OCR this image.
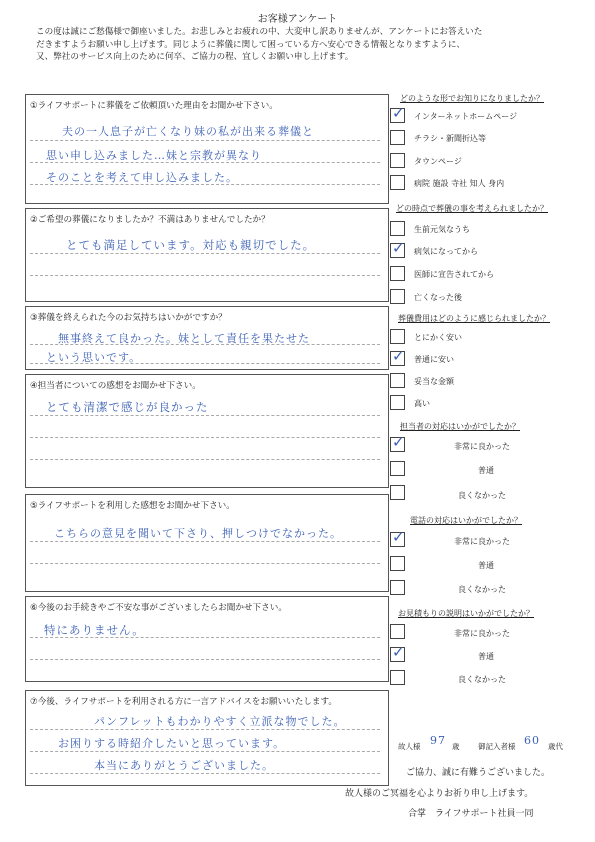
お客様アンケート
この度は誠にご愁傷様で御座いました。お悲しみとお疲れの中、大変申し訳ありませんが、アンケートにお答えいた
だきますようお願い申し上げます。同じように葬儀に関して困っている方へ安心できる情報となりますように、
又、弊社のサービス向上のために何卒、ご協力の程、宜しくお願い申し上げます。
①ライフサポートに葬儀をご依頼頂いた理由をお聞かせ下さい。
夫の一人息子が亡くなり妹の私が出来る葬儀と
思い申し込みました…妹と宗教が異なり
そのことを考えて申し込みました。
②ご希望の葬儀になりましたか？不満はありませんでしたか？
とても満足しています。対応も親切でした。
③葬儀を終えられた今のお気持ちはいかがですか？
無事終えて良かった。妹として責任を果たせた
という思いです。
④担当者についての感想をお聞かせ下さい。
とても清潔で感じが良かった
⑤ライフサポートを利用した感想をお聞かせ下さい。
こちらの意見を聞いて下さり、押しつけでなかった。
⑥今後のお手続きやご不安な事がございましたらお聞かせ下さい。
特にありません。
⑦今後、ライフサポートを利用される方に一言アドバイスをお願いいたします。
パンフレットもわかりやすく立派な物でした。
お困りする時紹介したいと思っています。
本当にありがとうございました。
どのような形でお知りになりましたか？
✓ インターネットホームページ
チラシ・新聞折込等
タウンページ
病院 施設 寺社 知人 身内
どの時点で葬儀の事を考えられましたか？
生前元気なうち
✓ 病気になってから
医師に宣告されてから
亡くなった後
葬儀費用はどのように感じられましたか？
とにかく安い
✓ 普通に安い
妥当な金額
高い
担当者の対応はいかがでしたか？
✓	非常に良かった
普通
良くなかった
電話の対応はいかがでしたか？
✓	非常に良かった
普通
良くなかった
お見積もりの説明はいかがでしたか？
非常に良かった
✓	普通
良くなかった
故人様 97 歳 御記入者様 60 歳代
ご協力、誠に有難うございました。
故人様のご冥福を心よりお祈り申し上げます。
合掌　ライフサポート社員一同
